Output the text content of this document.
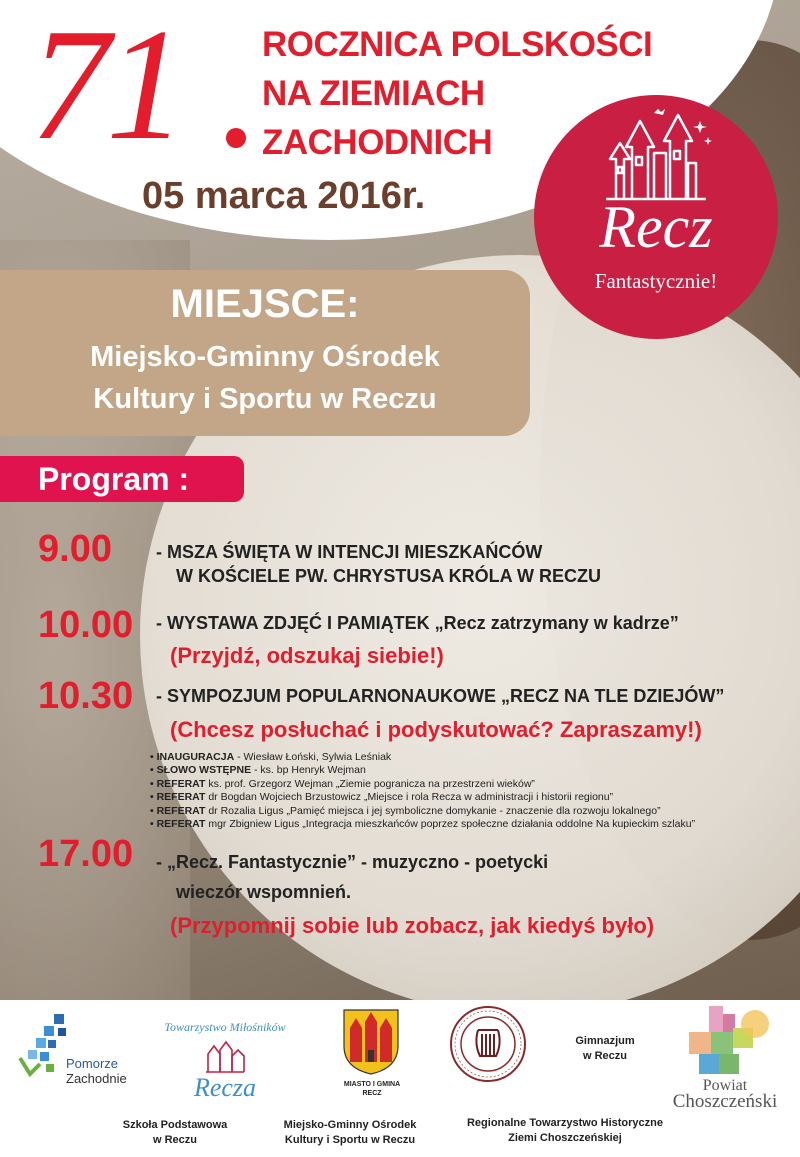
71 ROCZNICA POLSKOŚCI
NA ZIEMIACH
ZACHODNICH
05 marca 2016r.	Recz
Fantastycznie!
MIEJSCE:
Miejsko-Gminny Ośrodek
Kultury i Sportu w Reczu
Program :
9.00 - MSZA ŚWIĘTA W INTENCJI MIESZKAŃCÓW
W KOŚCIELE PW. CHRYSTUSA KRÓLA W RECZU
10.00 - WYSTAWA ZDJĘĆ I PAMIĄTEK „Recz zatrzymany w kadrze”
(Przyjdź, odszukaj siebie!)
10.30 - SYMPOZJUM POPULARNONAUKOWE „RECZ NA TLE DZIEJÓW”
(Chcesz posłuchać i podyskutować? Zapraszamy!)
• INAUGURACJA - Wiesław Łoński, Sylwia Leśniak
• SŁOWO WSTĘPNE - ks. bp Henryk Wejman
• REFERAT ks. prof. Grzegorz Wejman „Ziemie pogranicza na przestrzeni wieków”
• REFERAT dr Bogdan Wojciech Brzustowicz „Miejsce i rola Recza w administracji i historii regionu”
• REFERAT dr Rozalia Ligus „Pamięć miejsca i jej symboliczne domykanie - znaczenie dla rozwoju lokalnego”
• REFERAT mgr Zbigniew Ligus „Integracja mieszkańców poprzez społeczne działania oddolne Na kupieckim szlaku”
17.00 - „Recz. Fantastycznie” - muzyczno - poetycki
wieczór wspomnień.
(Przypomnij sobie lub zobacz, jak kiedyś było)
Pomorze
Zachodnie
Towarzystwo Miłośników
Recza	MIASTO I GMINA
RECZ
Gimnazjum
w Reczu
Powiat
Choszczeński
Szkoła Podstawowa
w Reczu
Miejsko-Gminny Ośrodek
Kultury i Sportu w Reczu
Regionalne Towarzystwo Historyczne
Ziemi Choszczeńskiej
